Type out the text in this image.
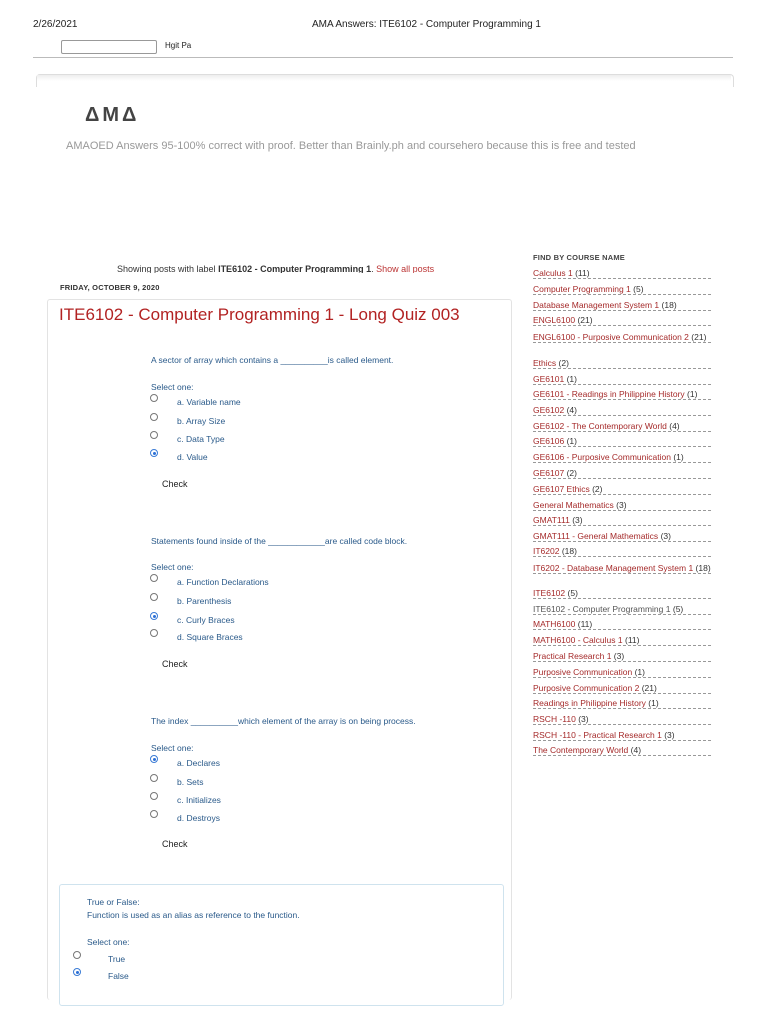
2/26/2021	AMA Answers: ITE6102 - Computer Programming 1
Hgit Pa
ΔΜΔ
AMAOED Answers 95-100% correct with proof. Better than Brainly.ph and coursehero because this is free and tested
Showing posts with label ITE6102 - Computer Programming 1. Show all posts
FRIDAY, OCTOBER 9, 2020
ITE6102 - Computer Programming 1 - Long Quiz 003
A sector of array which contains a __________is called element.
Select one:
a. Variable name
b. Array Size
c. Data Type
d. Value
Check
Statements found inside of the ____________are called code block.
Select one:
a. Function Declarations
b. Parenthesis
c. Curly Braces
d. Square Braces
Check
The index __________which element of the array is on being process.
Select one:
a. Declares
b. Sets
c. Initializes
d. Destroys
Check
True or False:
Function is used as an alias as reference to the function.
Select one:
True
False
FIND BY COURSE NAME
Calculus 1 (11)
Computer Programming 1 (5)
Database Management System 1 (18)
ENGL6100 (21)
ENGL6100 - Purposive Communication 2 (21)
Ethics (2)
GE6101 (1)
GE6101 - Readings in Philippine History (1)
GE6102 (4)
GE6102 - The Contemporary World (4)
GE6106 (1)
GE6106 - Purposive Communication (1)
GE6107 (2)
GE6107 Ethics (2)
General Mathematics (3)
GMAT111 (3)
GMAT111 - General Mathematics (3)
IT6202 (18)
IT6202 - Database Management System 1 (18)
ITE6102 (5)
ITE6102 - Computer Programming 1 (5)
MATH6100 (11)
MATH6100 - Calculus 1 (11)
Practical Research 1 (3)
Purposive Communication (1)
Purposive Communication 2 (21)
Readings in Philippine History (1)
RSCH -110 (3)
RSCH -110 - Practical Research 1 (3)
The Contemporary World (4)
